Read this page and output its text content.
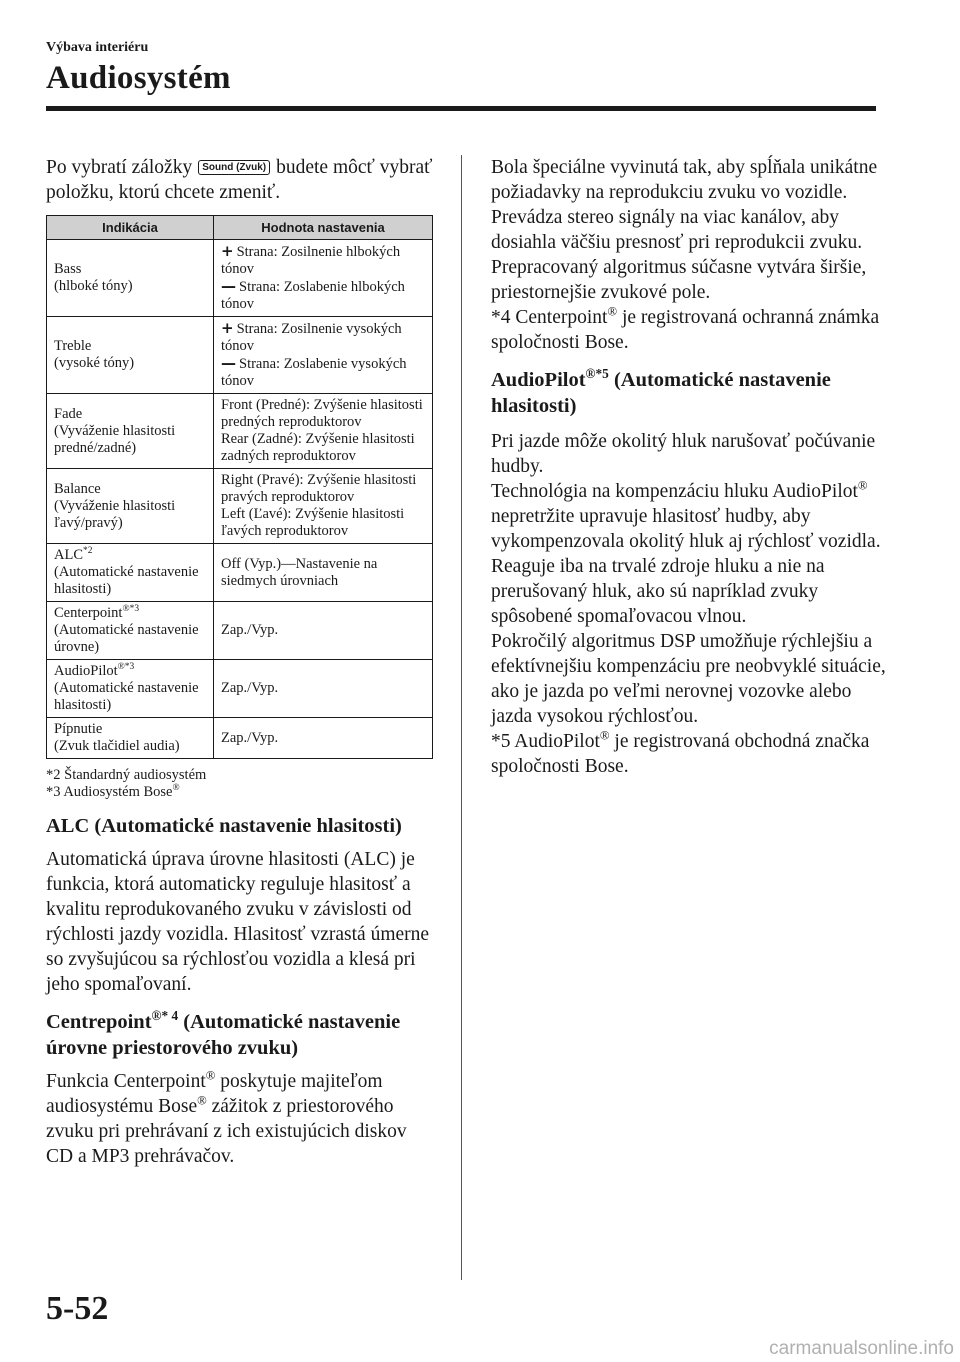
Výbava interiéru
Audiosystém

Po vybratí záložky Sound (Zvuk) budete môcť vybrať položku, ktorú chcete zmeniť.

Indikácia	Hodnota nastavenia
Bass
(hlboké tóny)	+ Strana: Zosilnenie hlbokých tónov
— Strana: Zoslabenie hlbokých tónov
Treble
(vysoké tóny)	+ Strana: Zosilnenie vysokých tónov
— Strana: Zoslabenie vysokých tónov
Fade
(Vyváženie hlasitosti predné/zadné)	Front (Predné): Zvýšenie hlasitosti predných reproduktorov
Rear (Zadné): Zvýšenie hlasitosti zadných reproduktorov
Balance
(Vyváženie hlasitosti ľavý/pravý)	Right (Pravé): Zvýšenie hlasitosti pravých reproduktorov
Left (Ľavé): Zvýšenie hlasitosti ľavých reproduktorov
ALC$^{*2}$
(Automatické nastavenie hlasitosti)	Off (Vyp.)—Nastavenie na siedmych úrovniach
Centerpoint$^{®*3}$
(Automatické nastavenie úrovne)	Zap./Vyp.
AudioPilot$^{®*3}$
(Automatické nastavenie hlasitosti)	Zap./Vyp.
Pípnutie
(Zvuk tlačidiel audia)	Zap./Vyp.
*2 Štandardný audiosystém
*3 Audiosystém Bose®
ALC (Automatické nastavenie hlasitosti)

Automatická úprava úrovne hlasitosti (ALC) je funkcia, ktorá automaticky reguluje hlasitosť a kvalitu reprodukovaného zvuku v závislosti od rýchlosti jazdy vozidla. Hlasitosť vzrastá úmerne so zvyšujúcou sa rýchlosťou vozidla a klesá pri jeho spomaľovaní.

Centrepoint$^{®* 4}$ (Automatické nastavenie úrovne priestorového zvuku)

Funkcia Centerpoint® poskytuje majiteľom audiosystému Bose® zážitok z priestorového zvuku pri prehrávaní z ich existujúcich diskov CD a MP3 prehrávačov.

Bola špeciálne vyvinutá tak, aby spĺňala unikátne požiadavky na reprodukciu zvuku vo vozidle.

Prevádza stereo signály na viac kanálov, aby dosiahla väčšiu presnosť pri reprodukcii zvuku.

Prepracovaný algoritmus súčasne vytvára širšie, priestornejšie zvukové pole.

*4 Centerpoint® je registrovaná ochranná známka spoločnosti Bose.

AudioPilot$^{®*5}$ (Automatické nastavenie hlasitosti)

Pri jazde môže okolitý hluk narušovať počúvanie hudby.

Technológia na kompenzáciu hluku AudioPilot® nepretržite upravuje hlasitosť hudby, aby vykompenzovala okolitý hluk aj rýchlosť vozidla.

Reaguje iba na trvalé zdroje hluku a nie na prerušovaný hluk, ako sú napríklad zvuky spôsobené spomaľovacou vlnou.

Pokročilý algoritmus DSP umožňuje rýchlejšiu a efektívnejšiu kompenzáciu pre neobvyklé situácie, ako je jazda po veľmi nerovnej vozovke alebo jazda vysokou rýchlosťou.

*5 AudioPilot® je registrovaná obchodná značka spoločnosti Bose.

5-52
carmanualsonline.info
